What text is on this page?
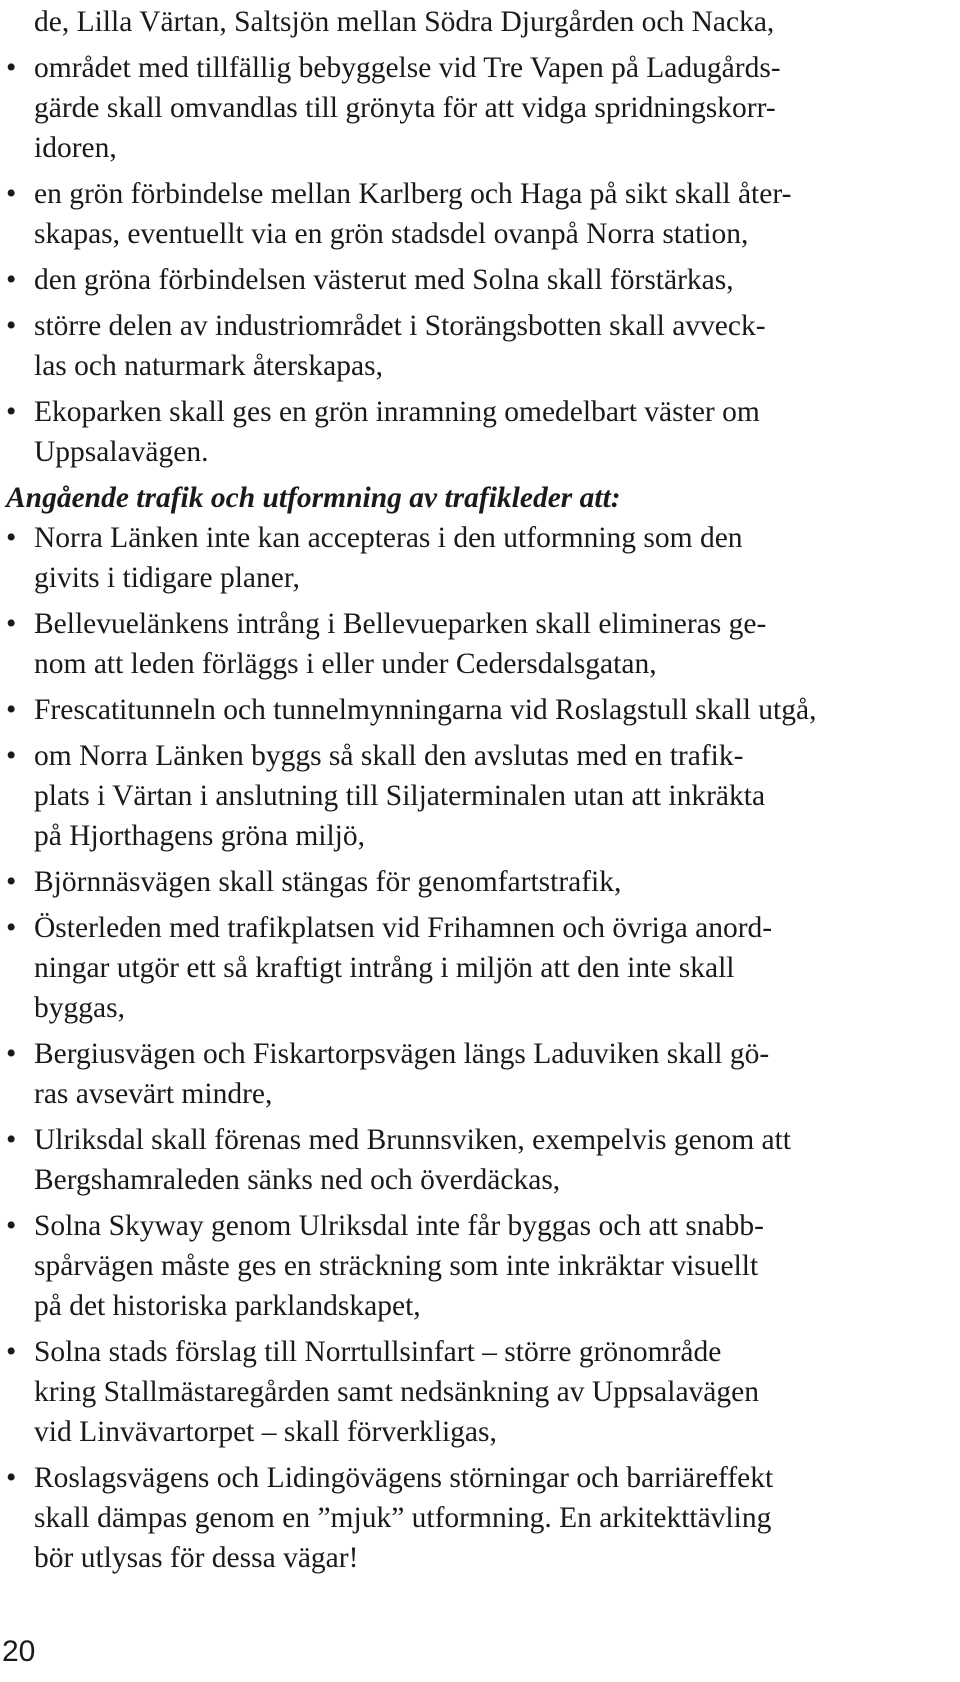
de, Lilla Värtan, Saltsjön mellan Södra Djurgården och Nacka,
• området med tillfällig bebyggelse vid Tre Vapen på Ladugårds-
gärde skall omvandlas till grönyta för att vidga spridningskorr-
idoren,
• en grön förbindelse mellan Karlberg och Haga på sikt skall åter-
skapas, eventuellt via en grön stadsdel ovanpå Norra station,
• den gröna förbindelsen västerut med Solna skall förstärkas,
• större delen av industriområdet i Storängsbotten skall avveck-
las och naturmark återskapas,
• Ekoparken skall ges en grön inramning omedelbart väster om
Uppsalavägen.
Angående trafik och utformning av trafikleder att:
• Norra Länken inte kan accepteras i den utformning som den
givits i tidigare planer,
• Bellevuelänkens intrång i Bellevueparken skall elimineras ge-
nom att leden förläggs i eller under Cedersdalsgatan,
• Frescatitunneln och tunnelmynningarna vid Roslagstull skall utgå,
• om Norra Länken byggs så skall den avslutas med en trafik-
plats i Värtan i anslutning till Siljaterminalen utan att inkräkta
på Hjorthagens gröna miljö,
• Björnnäsvägen skall stängas för genomfartstrafik,
• Österleden med trafikplatsen vid Frihamnen och övriga anord-
ningar utgör ett så kraftigt intrång i miljön att den inte skall
byggas,
• Bergiusvägen och Fiskartorpsvägen längs Laduviken skall gö-
ras avsevärt mindre,
• Ulriksdal skall förenas med Brunnsviken, exempelvis genom att
Bergshamraleden sänks ned och överdäckas,
• Solna Skyway genom Ulriksdal inte får byggas och att snabb-
spårvägen måste ges en sträckning som inte inkräktar visuellt
på det historiska parklandskapet,
• Solna stads förslag till Norrtullsinfart – större grönområde
kring Stallmästaregården samt nedsänkning av Uppsalavägen
vid Linvävartorpet – skall förverkligas,
• Roslagsvägens och Lidingövägens störningar och barriäreffekt
skall dämpas genom en ”mjuk” utformning. En arkitekttävling
bör utlysas för dessa vägar!
20
